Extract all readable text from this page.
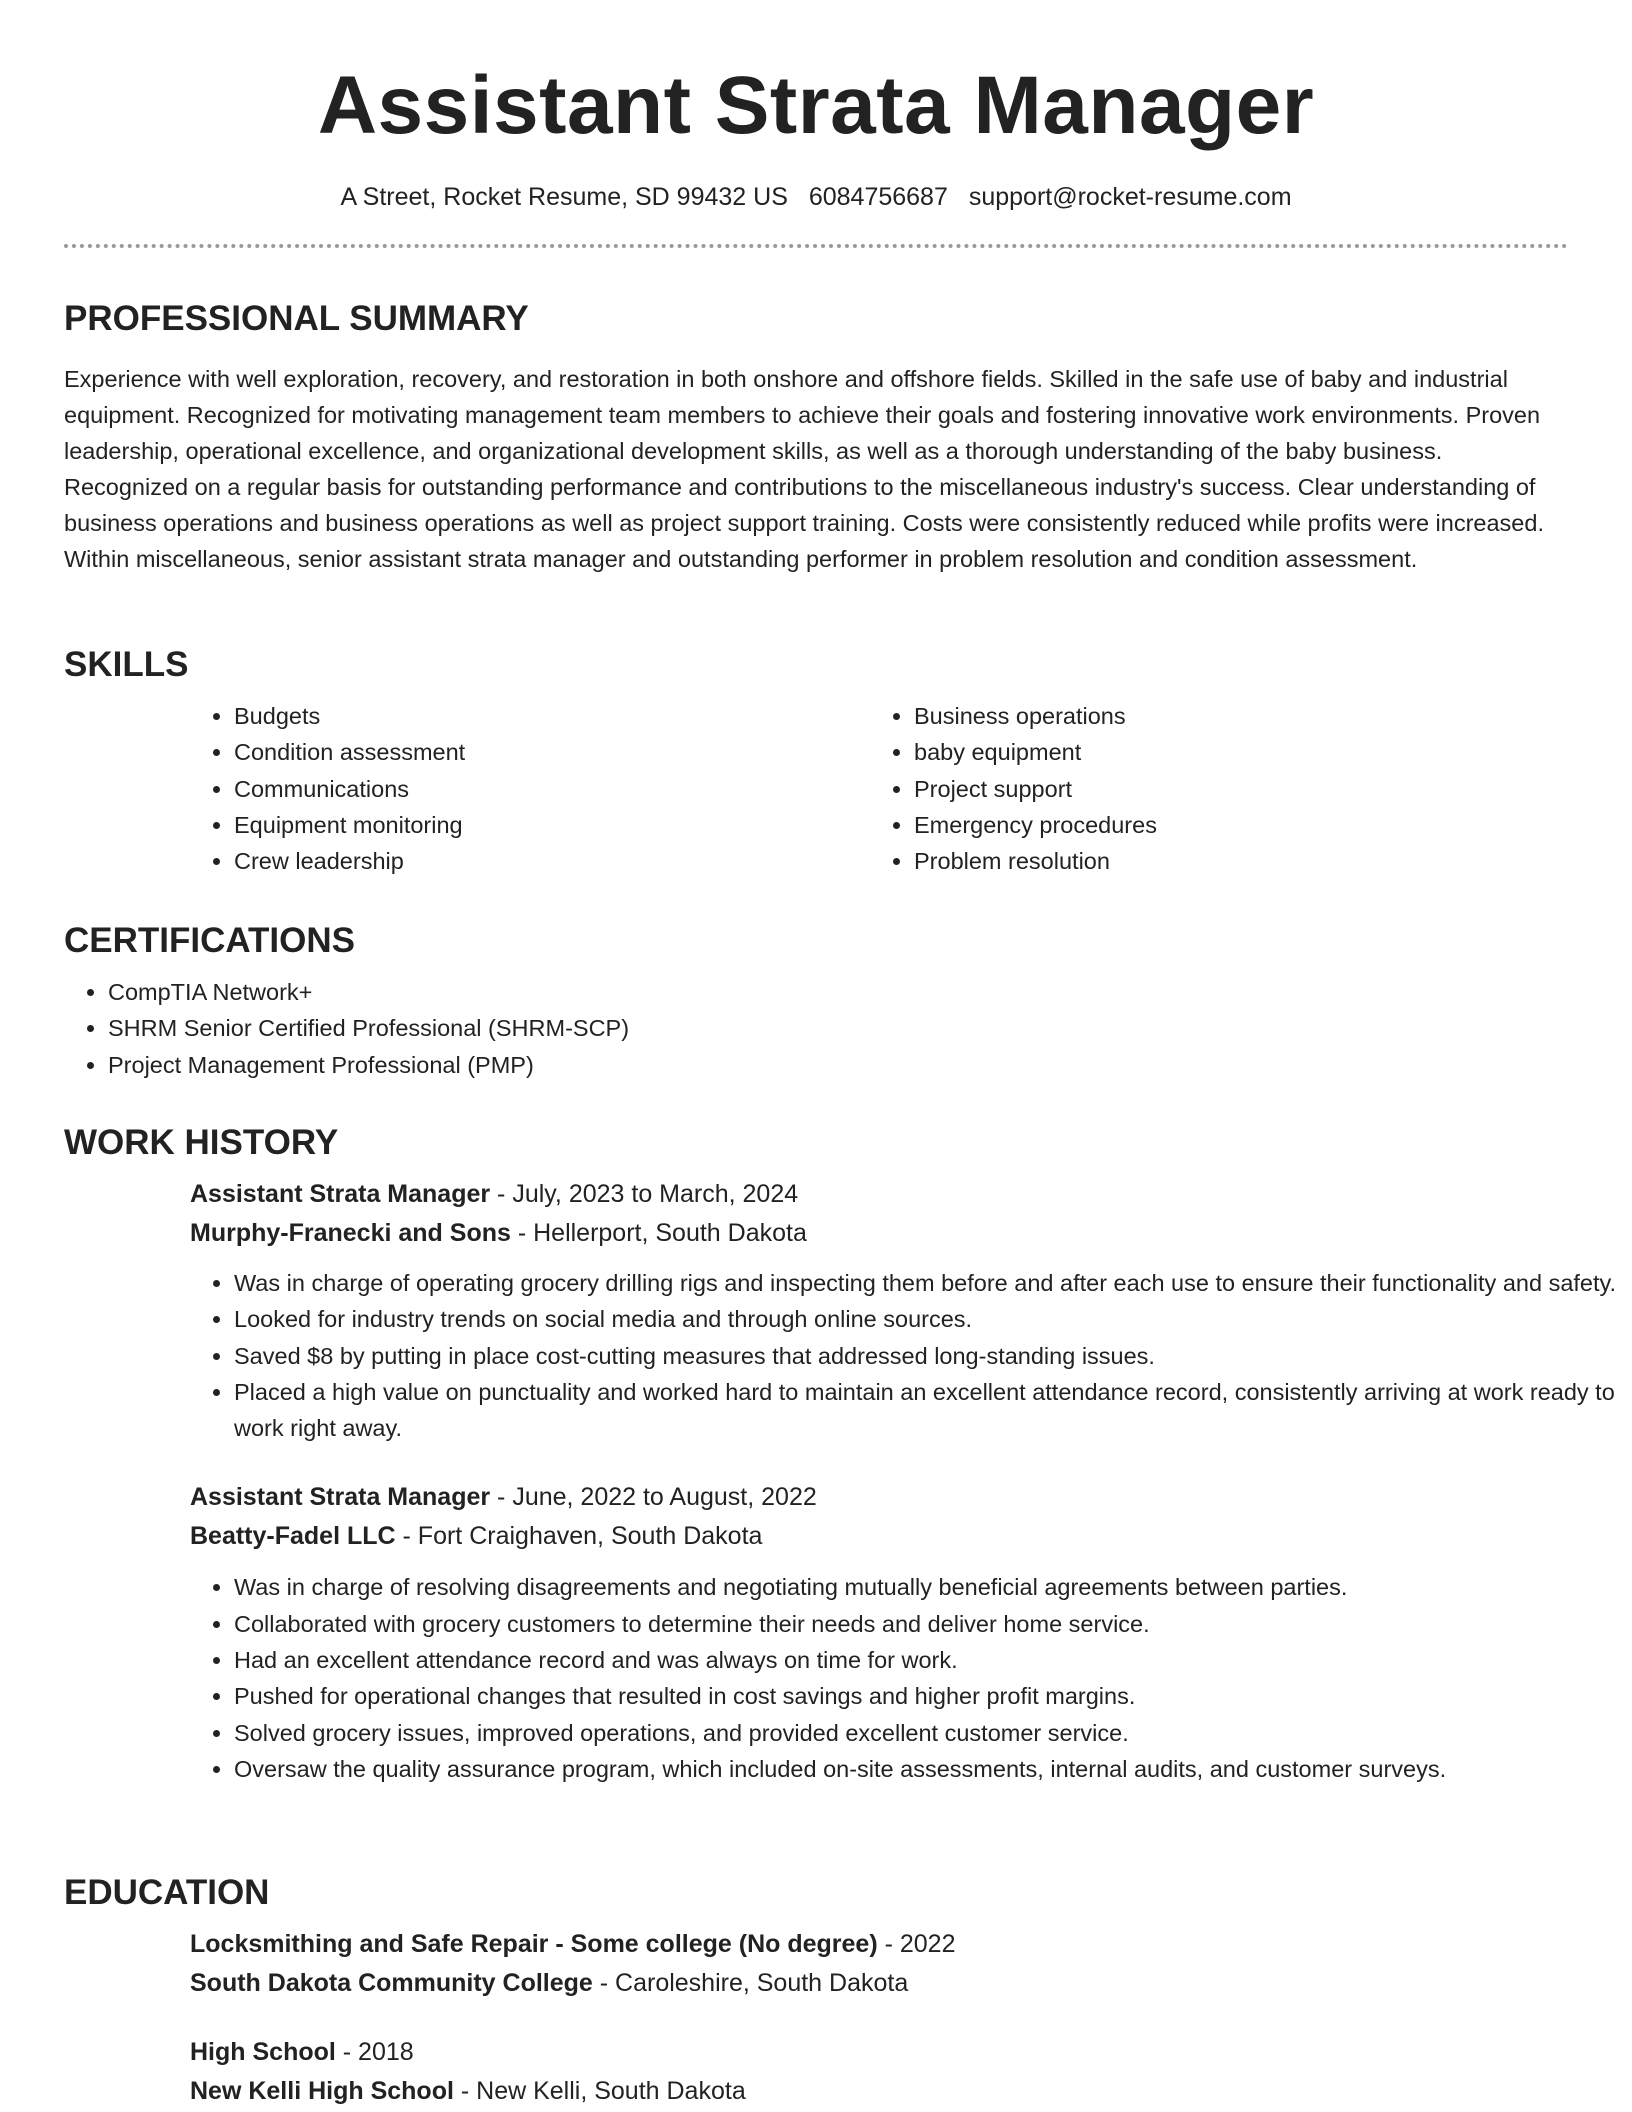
Assistant Strata Manager
A Street, Rocket Resume, SD 99432 US 6084756687 support@rocket-resume.com
PROFESSIONAL SUMMARY

Experience with well exploration, recovery, and restoration in both onshore and offshore fields. Skilled in the safe use of baby and industrial equipment. Recognized for motivating management team members to achieve their goals and fostering innovative work environments. Proven leadership, operational excellence, and organizational development skills, as well as a thorough understanding of the baby business. Recognized on a regular basis for outstanding performance and contributions to the miscellaneous industry's success. Clear understanding of business operations and business operations as well as project support training. Costs were consistently reduced while profits were increased. Within miscellaneous, senior assistant strata manager and outstanding performer in problem resolution and condition assessment.

SKILLS
• Budgets
• Condition assessment
• Communications
• Equipment monitoring
• Crew leadership
• Business operations
• baby equipment
• Project support
• Emergency procedures
• Problem resolution
CERTIFICATIONS
• CompTIA Network+
• SHRM Senior Certified Professional (SHRM-SCP)
• Project Management Professional (PMP)
WORK HISTORY
Assistant Strata Manager - July, 2023 to March, 2024
Murphy-Franecki and Sons - Hellerport, South Dakota
• Was in charge of operating grocery drilling rigs and inspecting them before and after each use to ensure their functionality and safety.
• Looked for industry trends on social media and through online sources.
• Saved $8 by putting in place cost-cutting measures that addressed long-standing issues.
• Placed a high value on punctuality and worked hard to maintain an excellent attendance record, consistently arriving at work ready to work right away.
Assistant Strata Manager - June, 2022 to August, 2022
Beatty-Fadel LLC - Fort Craighaven, South Dakota
• Was in charge of resolving disagreements and negotiating mutually beneficial agreements between parties.
• Collaborated with grocery customers to determine their needs and deliver home service.
• Had an excellent attendance record and was always on time for work.
• Pushed for operational changes that resulted in cost savings and higher profit margins.
• Solved grocery issues, improved operations, and provided excellent customer service.
• Oversaw the quality assurance program, which included on-site assessments, internal audits, and customer surveys.
EDUCATION
Locksmithing and Safe Repair - Some college (No degree) - 2022
South Dakota Community College - Caroleshire, South Dakota
High School - 2018
New Kelli High School - New Kelli, South Dakota
